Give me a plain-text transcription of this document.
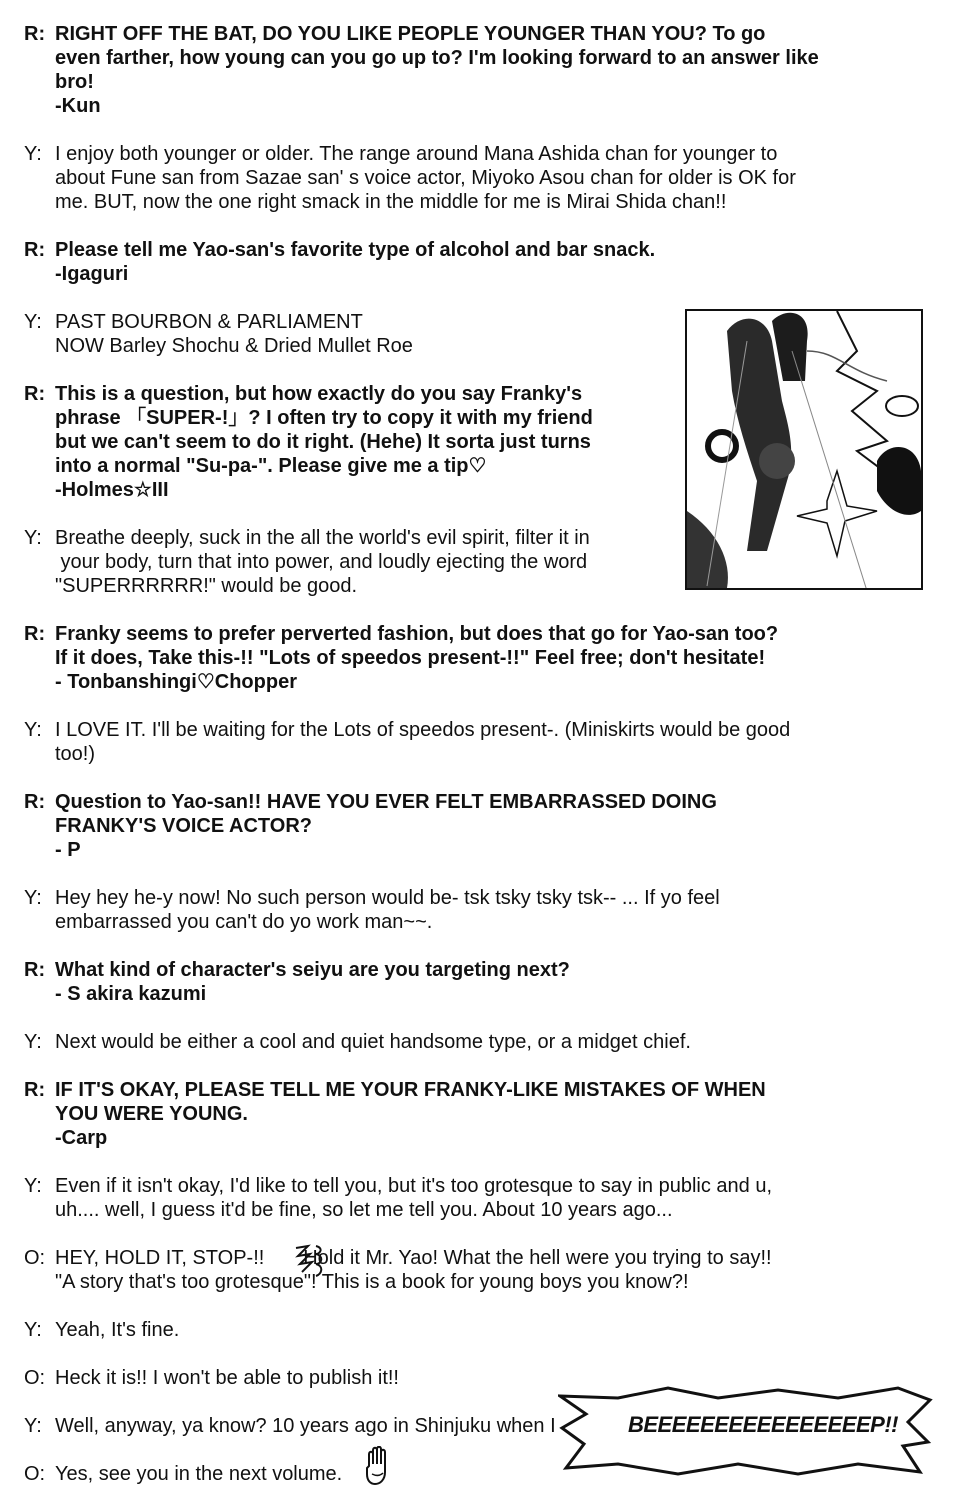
R: RIGHT OFF THE BAT, DO YOU LIKE PEOPLE YOUNGER THAN YOU? To go
even farther, how young can you go up to? I'm looking forward to an answer like
bro!
-Kun
Y: I enjoy both younger or older. The range around Mana Ashida chan for younger to
about Fune san from Sazae san' s voice actor, Miyoko Asou chan for older is OK for
me. BUT, now the one right smack in the middle for me is Mirai Shida chan!!
R: Please tell me Yao-san's favorite type of alcohol and bar snack.
-Igaguri
Y: PAST BOURBON & PARLIAMENT
NOW Barley Shochu & Dried Mullet Roe
R: This is a question, but how exactly do you say Franky's
phrase 「SUPER-!」? I often try to copy it with my friend
but we can't seem to do it right. (Hehe) It sorta just turns
into a normal "Su-pa-". Please give me a tip♡
-Holmes☆III
Y: Breathe deeply, suck in the all the world's evil spirit, filter it in
your body, turn that into power, and loudly ejecting the word
"SUPERRRRRR!" would be good.
R: Franky seems to prefer perverted fashion, but does that go for Yao-san too?
If it does, Take this-!! "Lots of speedos present-!!" Feel free; don't hesitate!
- Tonbanshingi♡Chopper
Y: I LOVE IT. I'll be waiting for the Lots of speedos present-. (Miniskirts would be good
too!)
R: Question to Yao-san!! HAVE YOU EVER FELT EMBARRASSED DOING
FRANKY'S VOICE ACTOR?
- P
Y: Hey hey he-y now! No such person would be- tsk tsky tsky tsk-- ... If yo feel
embarrassed you can't do yo work man~~.
R: What kind of character's seiyu are you targeting next?
- S akira kazumi
Y: Next would be either a cool and quiet handsome type, or a midget chief.
R: IF IT'S OKAY, PLEASE TELL ME YOUR FRANKY-LIKE MISTAKES OF WHEN
YOU WERE YOUNG.
-Carp
Y: Even if it isn't okay, I'd like to tell you, but it's too grotesque to say in public and u,
uh.... well, I guess it'd be fine, so let me tell you. About 10 years ago...
O: HEY, HOLD IT, STOP-!!       Hold it Mr. Yao! What the hell were you trying to say!!
"A story that's too grotesque"! This is a book for young boys you know?!
Y: Yeah, It's fine.
O: Heck it is!! I won't be able to publish it!!
Y: Well, anyway, ya know? 10 years ago in Shinjuku when I
O: Yes, see you in the next volume.
BEEEEEEEEEEEEEEEEP!!
